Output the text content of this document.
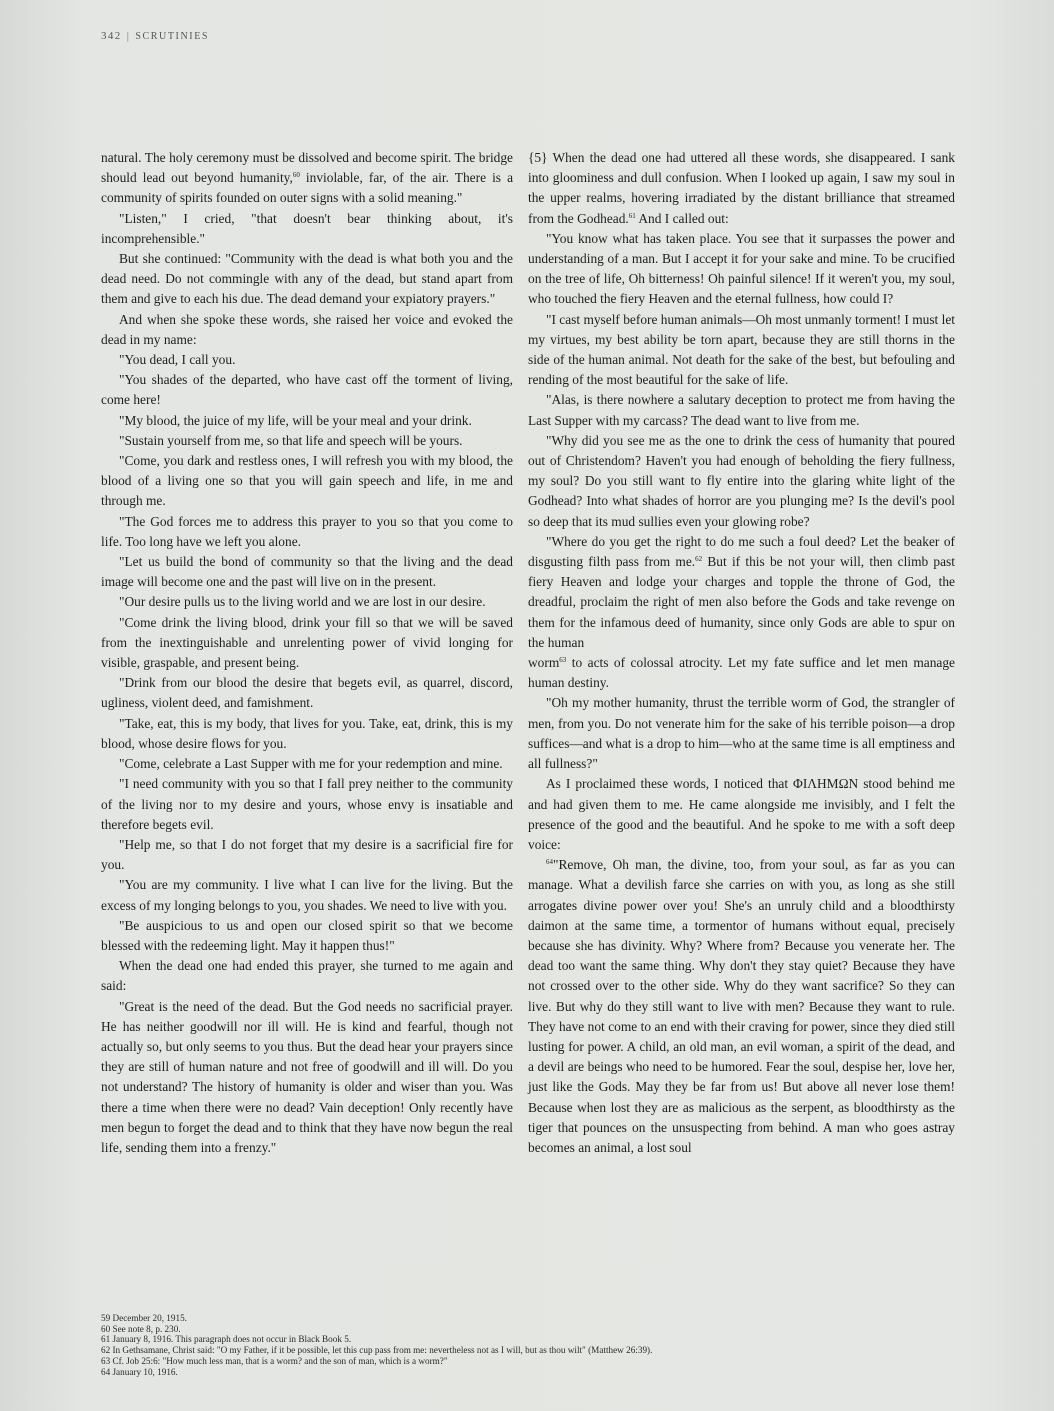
342 | SCRUTINIES

natural. The holy ceremony must be dissolved and become spirit. The bridge should lead out beyond humanity,$^{60}$ inviolable, far, of the air. There is a community of spirits founded on outer signs with a solid meaning."

"Listen," I cried, "that doesn't bear thinking about, it's incomprehensible."

But she continued: "Community with the dead is what both you and the dead need. Do not commingle with any of the dead, but stand apart from them and give to each his due. The dead demand your expiatory prayers."

And when she spoke these words, she raised her voice and evoked the dead in my name:

"You dead, I call you.

"You shades of the departed, who have cast off the torment of living, come here!

"My blood, the juice of my life, will be your meal and your drink.

"Sustain yourself from me, so that life and speech will be yours.

"Come, you dark and restless ones, I will refresh you with my blood, the blood of a living one so that you will gain speech and life, in me and through me.

"The God forces me to address this prayer to you so that you come to life. Too long have we left you alone.

"Let us build the bond of community so that the living and the dead image will become one and the past will live on in the present.

"Our desire pulls us to the living world and we are lost in our desire.

"Come drink the living blood, drink your fill so that we will be saved from the inextinguishable and unrelenting power of vivid longing for visible, graspable, and present being.

"Drink from our blood the desire that begets evil, as quarrel, discord, ugliness, violent deed, and famishment.

"Take, eat, this is my body, that lives for you. Take, eat, drink, this is my blood, whose desire flows for you.

"Come, celebrate a Last Supper with me for your redemption and mine.

"I need community with you so that I fall prey neither to the community of the living nor to my desire and yours, whose envy is insatiable and therefore begets evil.

"Help me, so that I do not forget that my desire is a sacrificial fire for you.

"You are my community. I live what I can live for the living. But the excess of my longing belongs to you, you shades. We need to live with you.

"Be auspicious to us and open our closed spirit so that we become blessed with the redeeming light. May it happen thus!"

When the dead one had ended this prayer, she turned to me again and said:

"Great is the need of the dead. But the God needs no sacrificial prayer. He has neither goodwill nor ill will. He is kind and fearful, though not actually so, but only seems to you thus. But the dead hear your prayers since they are still of human nature and not free of goodwill and ill will. Do you not understand? The history of humanity is older and wiser than you. Was there a time when there were no dead? Vain deception! Only recently have men begun to forget the dead and to think that they have now begun the real life, sending them into a frenzy."

{5} When the dead one had uttered all these words, she disappeared. I sank into gloominess and dull confusion. When I looked up again, I saw my soul in the upper realms, hovering irradiated by the distant brilliance that streamed from the Godhead.$^{61}$ And I called out:

"You know what has taken place. You see that it surpasses the power and understanding of a man. But I accept it for your sake and mine. To be crucified on the tree of life, Oh bitterness! Oh painful silence! If it weren't you, my soul, who touched the fiery Heaven and the eternal fullness, how could I?

"I cast myself before human animals—Oh most unmanly torment! I must let my virtues, my best ability be torn apart, because they are still thorns in the side of the human animal. Not death for the sake of the best, but befouling and rending of the most beautiful for the sake of life.

"Alas, is there nowhere a salutary deception to protect me from having the Last Supper with my carcass? The dead want to live from me.

"Why did you see me as the one to drink the cess of humanity that poured out of Christendom? Haven't you had enough of beholding the fiery fullness, my soul? Do you still want to fly entire into the glaring white light of the Godhead? Into what shades of horror are you plunging me? Is the devil's pool so deep that its mud sullies even your glowing robe?

"Where do you get the right to do me such a foul deed? Let the beaker of disgusting filth pass from me.$^{62}$ But if this be not your will, then climb past fiery Heaven and lodge your charges and topple the throne of God, the dreadful, proclaim the right of men also before the Gods and take revenge on them for the infamous deed of humanity, since only Gods are able to spur on the human

worm$^{63}$ to acts of colossal atrocity. Let my fate suffice and let men manage human destiny.

"Oh my mother humanity, thrust the terrible worm of God, the strangler of men, from you. Do not venerate him for the sake of his terrible poison—a drop suffices—and what is a drop to him—who at the same time is all emptiness and all fullness?"

As I proclaimed these words, I noticed that ΦΙΛΗΜΩΝ stood behind me and had given them to me. He came alongside me invisibly, and I felt the presence of the good and the beautiful. And he spoke to me with a soft deep voice:

$^{64}$"Remove, Oh man, the divine, too, from your soul, as far as you can manage. What a devilish farce she carries on with you, as long as she still arrogates divine power over you! She's an unruly child and a bloodthirsty daimon at the same time, a tormentor of humans without equal, precisely because she has divinity. Why? Where from? Because you venerate her. The dead too want the same thing. Why don't they stay quiet? Because they have not crossed over to the other side. Why do they want sacrifice? So they can live. But why do they still want to live with men? Because they want to rule. They have not come to an end with their craving for power, since they died still lusting for power. A child, an old man, an evil woman, a spirit of the dead, and a devil are beings who need to be humored. Fear the soul, despise her, love her, just like the Gods. May they be far from us! But above all never lose them! Because when lost they are as malicious as the serpent, as bloodthirsty as the tiger that pounces on the unsuspecting from behind. A man who goes astray becomes an animal, a lost soul

59 December 20, 1915.
60 See note 8, p. 230.
61 January 8, 1916. This paragraph does not occur in Black Book 5.
62 In Gethsamane, Christ said: "O my Father, if it be possible, let this cup pass from me: nevertheless not as I will, but as thou wilt" (Matthew 26:39).
63 Cf. Job 25:6: "How much less man, that is a worm? and the son of man, which is a worm?"
64 January 10, 1916.
